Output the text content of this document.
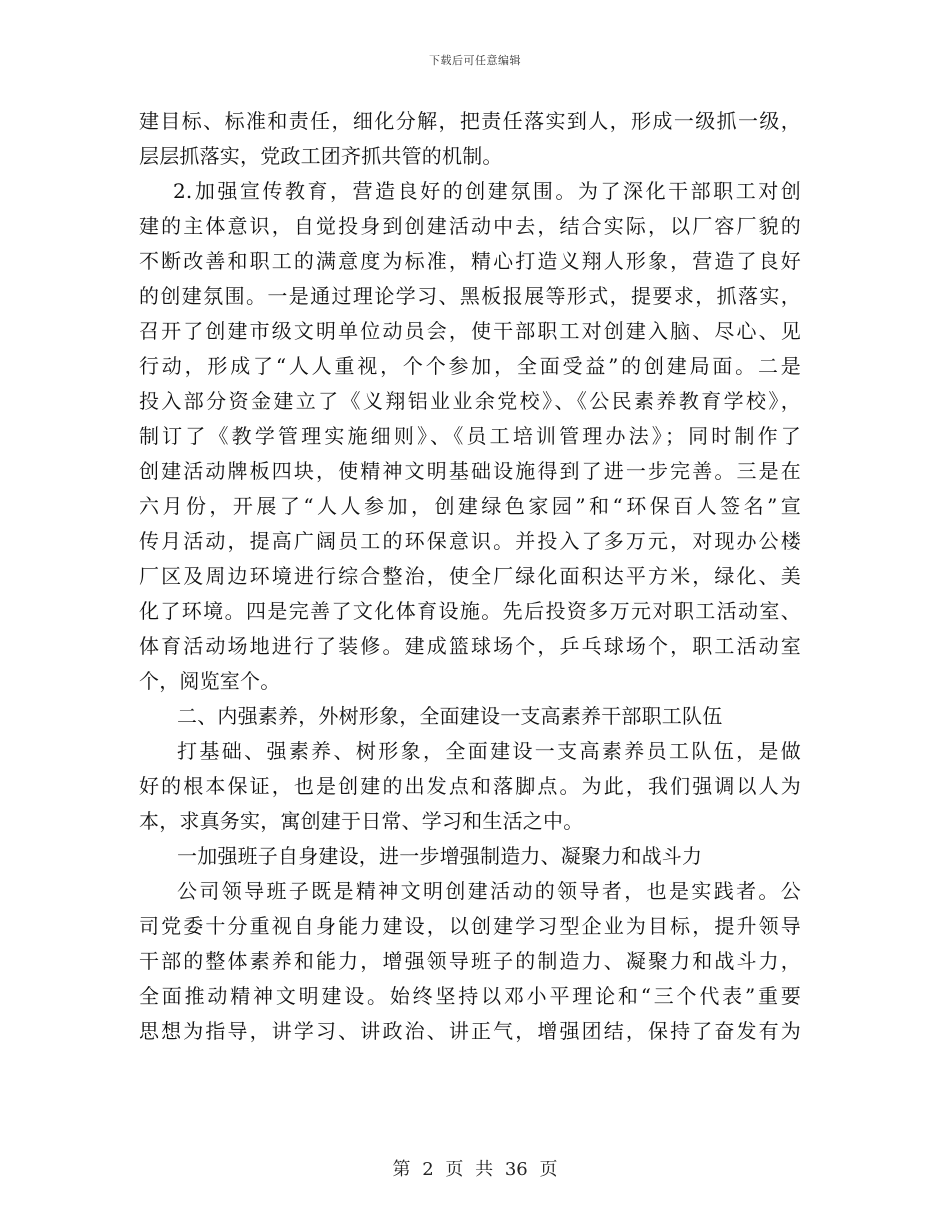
下载后可任意编辑
建目标、标准和责任，细化分解，把责任落实到人，形成一级抓一级，
层层抓落实，党政工团齐抓共管的机制。
2.加强宣传教育，营造良好的创建氛围。为了深化干部职工对创
建的主体意识，自觉投身到创建活动中去，结合实际，以厂容厂貌的
不断改善和职工的满意度为标准，精心打造义翔人形象，营造了良好
的创建氛围。一是通过理论学习、黑板报展等形式，提要求，抓落实，
召开了创建市级文明单位动员会，使干部职工对创建入脑、尽心、见
行动，形成了“人人重视，个个参加，全面受益”的创建局面。二是
投入部分资金建立了《义翔铝业业余党校》、《公民素养教育学校》，
制订了《教学管理实施细则》、《员工培训管理办法》；同时制作了
创建活动牌板四块，使精神文明基础设施得到了进一步完善。三是在
六月份，开展了“人人参加，创建绿色家园”和“环保百人签名”宣
传月活动，提高广阔员工的环保意识。并投入了多万元，对现办公楼
厂区及周边环境进行综合整治，使全厂绿化面积达平方米，绿化、美
化了环境。四是完善了文化体育设施。先后投资多万元对职工活动室、
体育活动场地进行了装修。建成篮球场个，乒乓球场个，职工活动室
个，阅览室个。
二、内强素养，外树形象，全面建设一支高素养干部职工队伍
打基础、强素养、树形象，全面建设一支高素养员工队伍，是做
好的根本保证，也是创建的出发点和落脚点。为此，我们强调以人为
本，求真务实，寓创建于日常、学习和生活之中。
一加强班子自身建设，进一步增强制造力、凝聚力和战斗力
公司领导班子既是精神文明创建活动的领导者，也是实践者。公
司党委十分重视自身能力建设，以创建学习型企业为目标，提升领导
干部的整体素养和能力，增强领导班子的制造力、凝聚力和战斗力，
全面推动精神文明建设。始终坚持以邓小平理论和“三个代表”重要
思想为指导，讲学习、讲政治、讲正气，增强团结，保持了奋发有为
第 2 页 共 36 页
